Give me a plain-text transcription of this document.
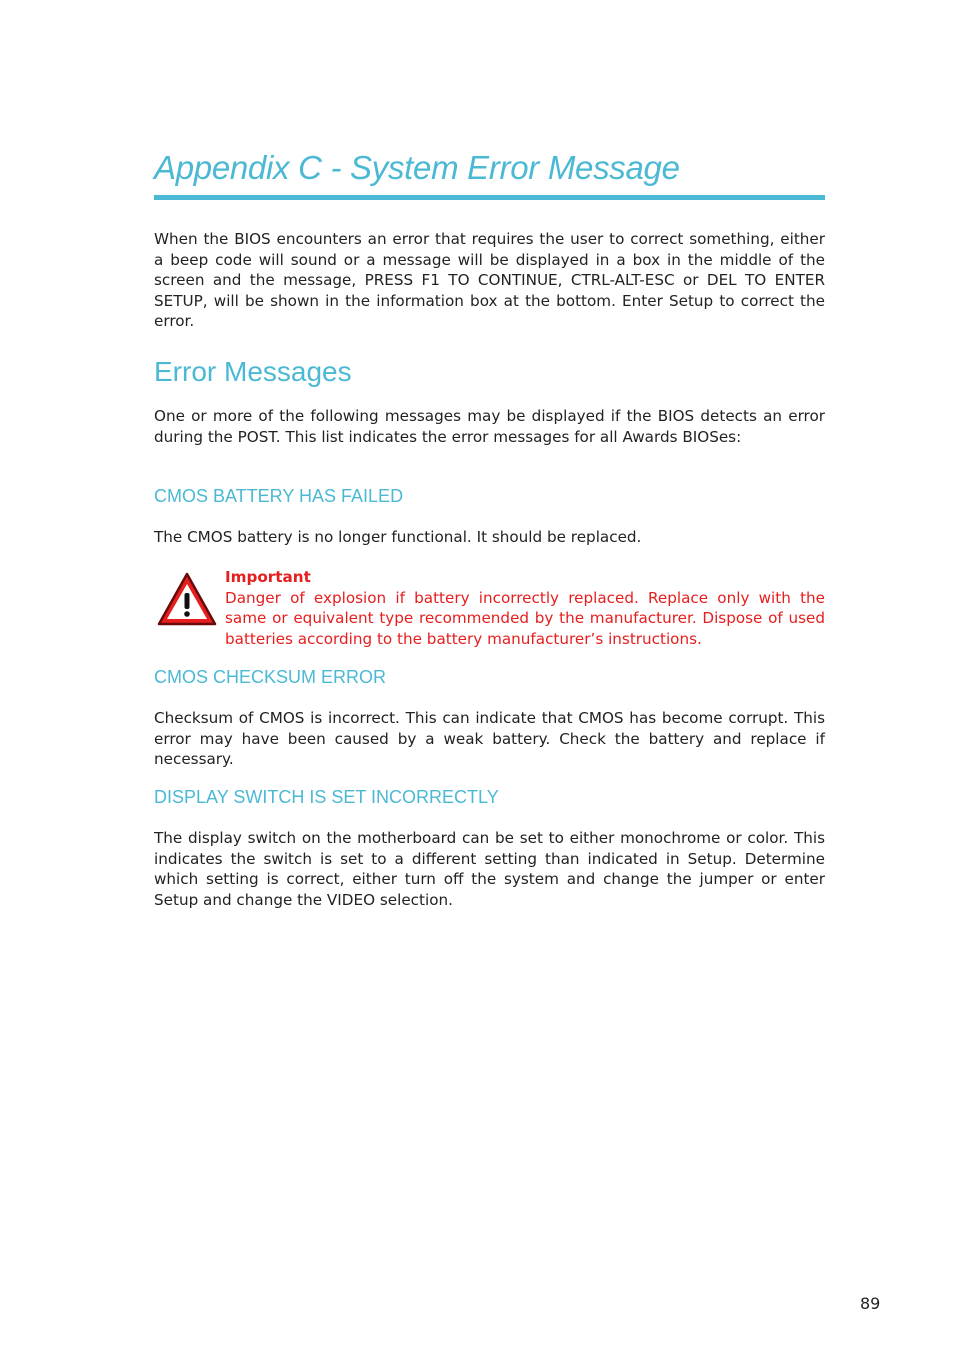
Appendix C - System Error Message

When the BIOS encounters an error that requires the user to correct something, either a beep code will sound or a message will be displayed in a box in the middle of the screen and the message, PRESS F1 TO CONTINUE, CTRL-ALT-ESC or DEL TO ENTER SETUP, will be shown in the information box at the bottom. Enter Setup to correct the error.

Error Messages

One or more of the following messages may be displayed if the BIOS detects an error during the POST. This list indicates the error messages for all Awards BIOSes:

CMOS BATTERY HAS FAILED

The CMOS battery is no longer functional. It should be replaced.

Important

Danger of explosion if battery incorrectly replaced. Replace only with the same or equivalent type recommended by the manufacturer. Dispose of used batteries according to the battery manufacturer’s instructions.

CMOS CHECKSUM ERROR

Checksum of CMOS is incorrect. This can indicate that CMOS has become corrupt. This error may have been caused by a weak battery. Check the battery and replace if necessary.

DISPLAY SWITCH IS SET INCORRECTLY

The display switch on the motherboard can be set to either monochrome or color. This indicates the switch is set to a different setting than indicated in Setup. Determine which setting is correct, either turn off the system and change the jumper or enter Setup and change the VIDEO selection.

89
